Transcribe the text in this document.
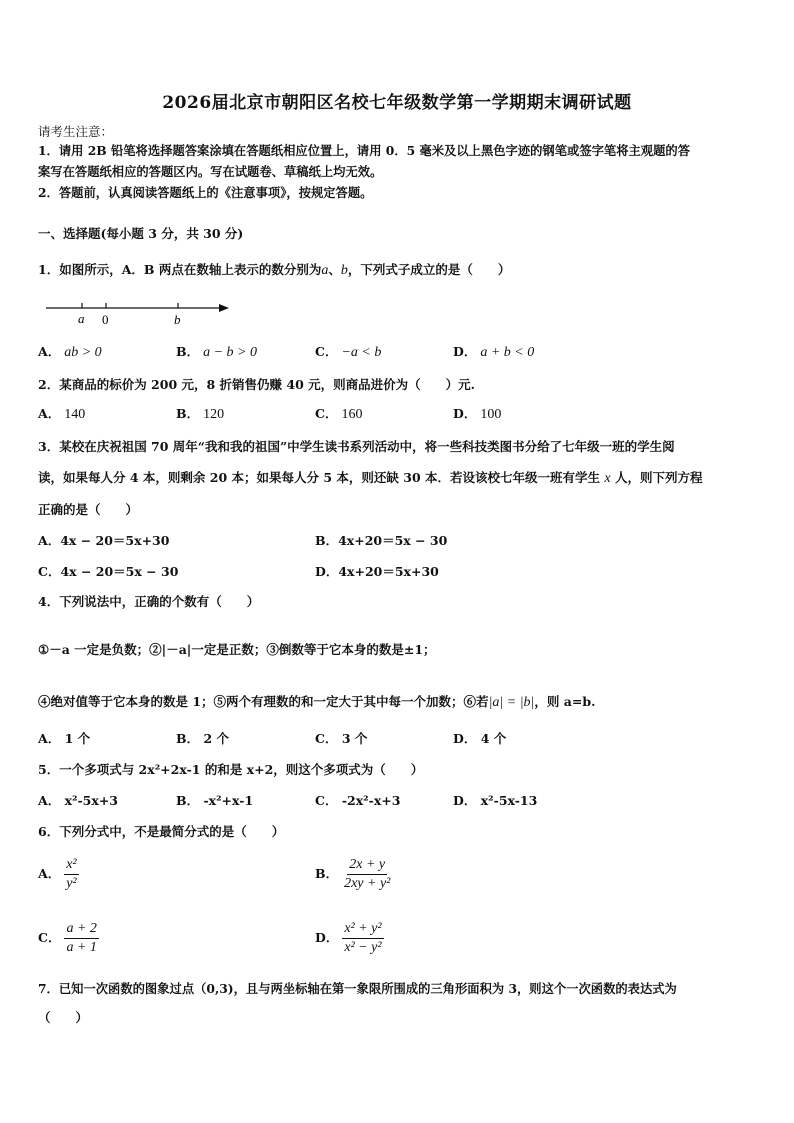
2026届北京市朝阳区名校七年级数学第一学期期末调研试题
请考生注意：
1．请用 2B 铅笔将选择题答案涂填在答题纸相应位置上，请用 0．5 毫米及以上黑色字迹的钢笔或签字笔将主观题的答
案写在答题纸相应的答题区内。写在试题卷、草稿纸上均无效。
2．答题前，认真阅读答题纸上的《注意事项》，按规定答题。
一、选择题(每小题 3 分，共 30 分)
1．如图所示，A．B 两点在数轴上表示的数分别为a、b，下列式子成立的是（　　）
a 0	b
A． ab > 0	B． a − b > 0	C． −a < b	D． a + b < 0
2．某商品的标价为 200 元，8 折销售仍赚 40 元，则商品进价为（　　）元.
A． 140	B． 120	C． 160	D． 100
3．某校在庆祝祖国 70 周年“我和我的祖国”中学生读书系列活动中，将一些科技类图书分给了七年级一班的学生阅
读，如果每人分 4 本，则剩余 20 本；如果每人分 5 本，则还缺 30 本．若设该校七年级一班有学生 x 人，则下列方程
正确的是（　　）
A．4x − 20＝5x+30	B．4x+20＝5x − 30
C．4x − 20＝5x − 30	D．4x+20＝5x+30
4．下列说法中，正确的个数有（　　）
①－a 一定是负数；②|－a|一定是正数；③倒数等于它本身的数是±1；
④绝对值等于它本身的数是 1；⑤两个有理数的和一定大于其中每一个加数；⑥若|a| = |b|，则 a=b.
A． 1 个	B． 2 个	C． 3 个	D． 4 个
5．一个多项式与 2x²+2x-1 的和是 x+2，则这个多项式为（　　）
A． x²-5x+3	B． -x²+x-1	C． -2x²-x+3	D． x²-5x-13
6．下列分式中，不是最简分式的是（　　）
A． $\frac{\text{x²}}{\text{y²}}$	B． $\frac{2x + y}{\text{2xy + y²}}$
C． $\frac{a + 2}{a + 1}$	D． $\frac{\text{x² + y²}}{\text{x² − y²}}$
7．已知一次函数的图象过点（0,3)，且与两坐标轴在第一象限所围成的三角形面积为 3，则这个一次函数的表达式为
（　　）
